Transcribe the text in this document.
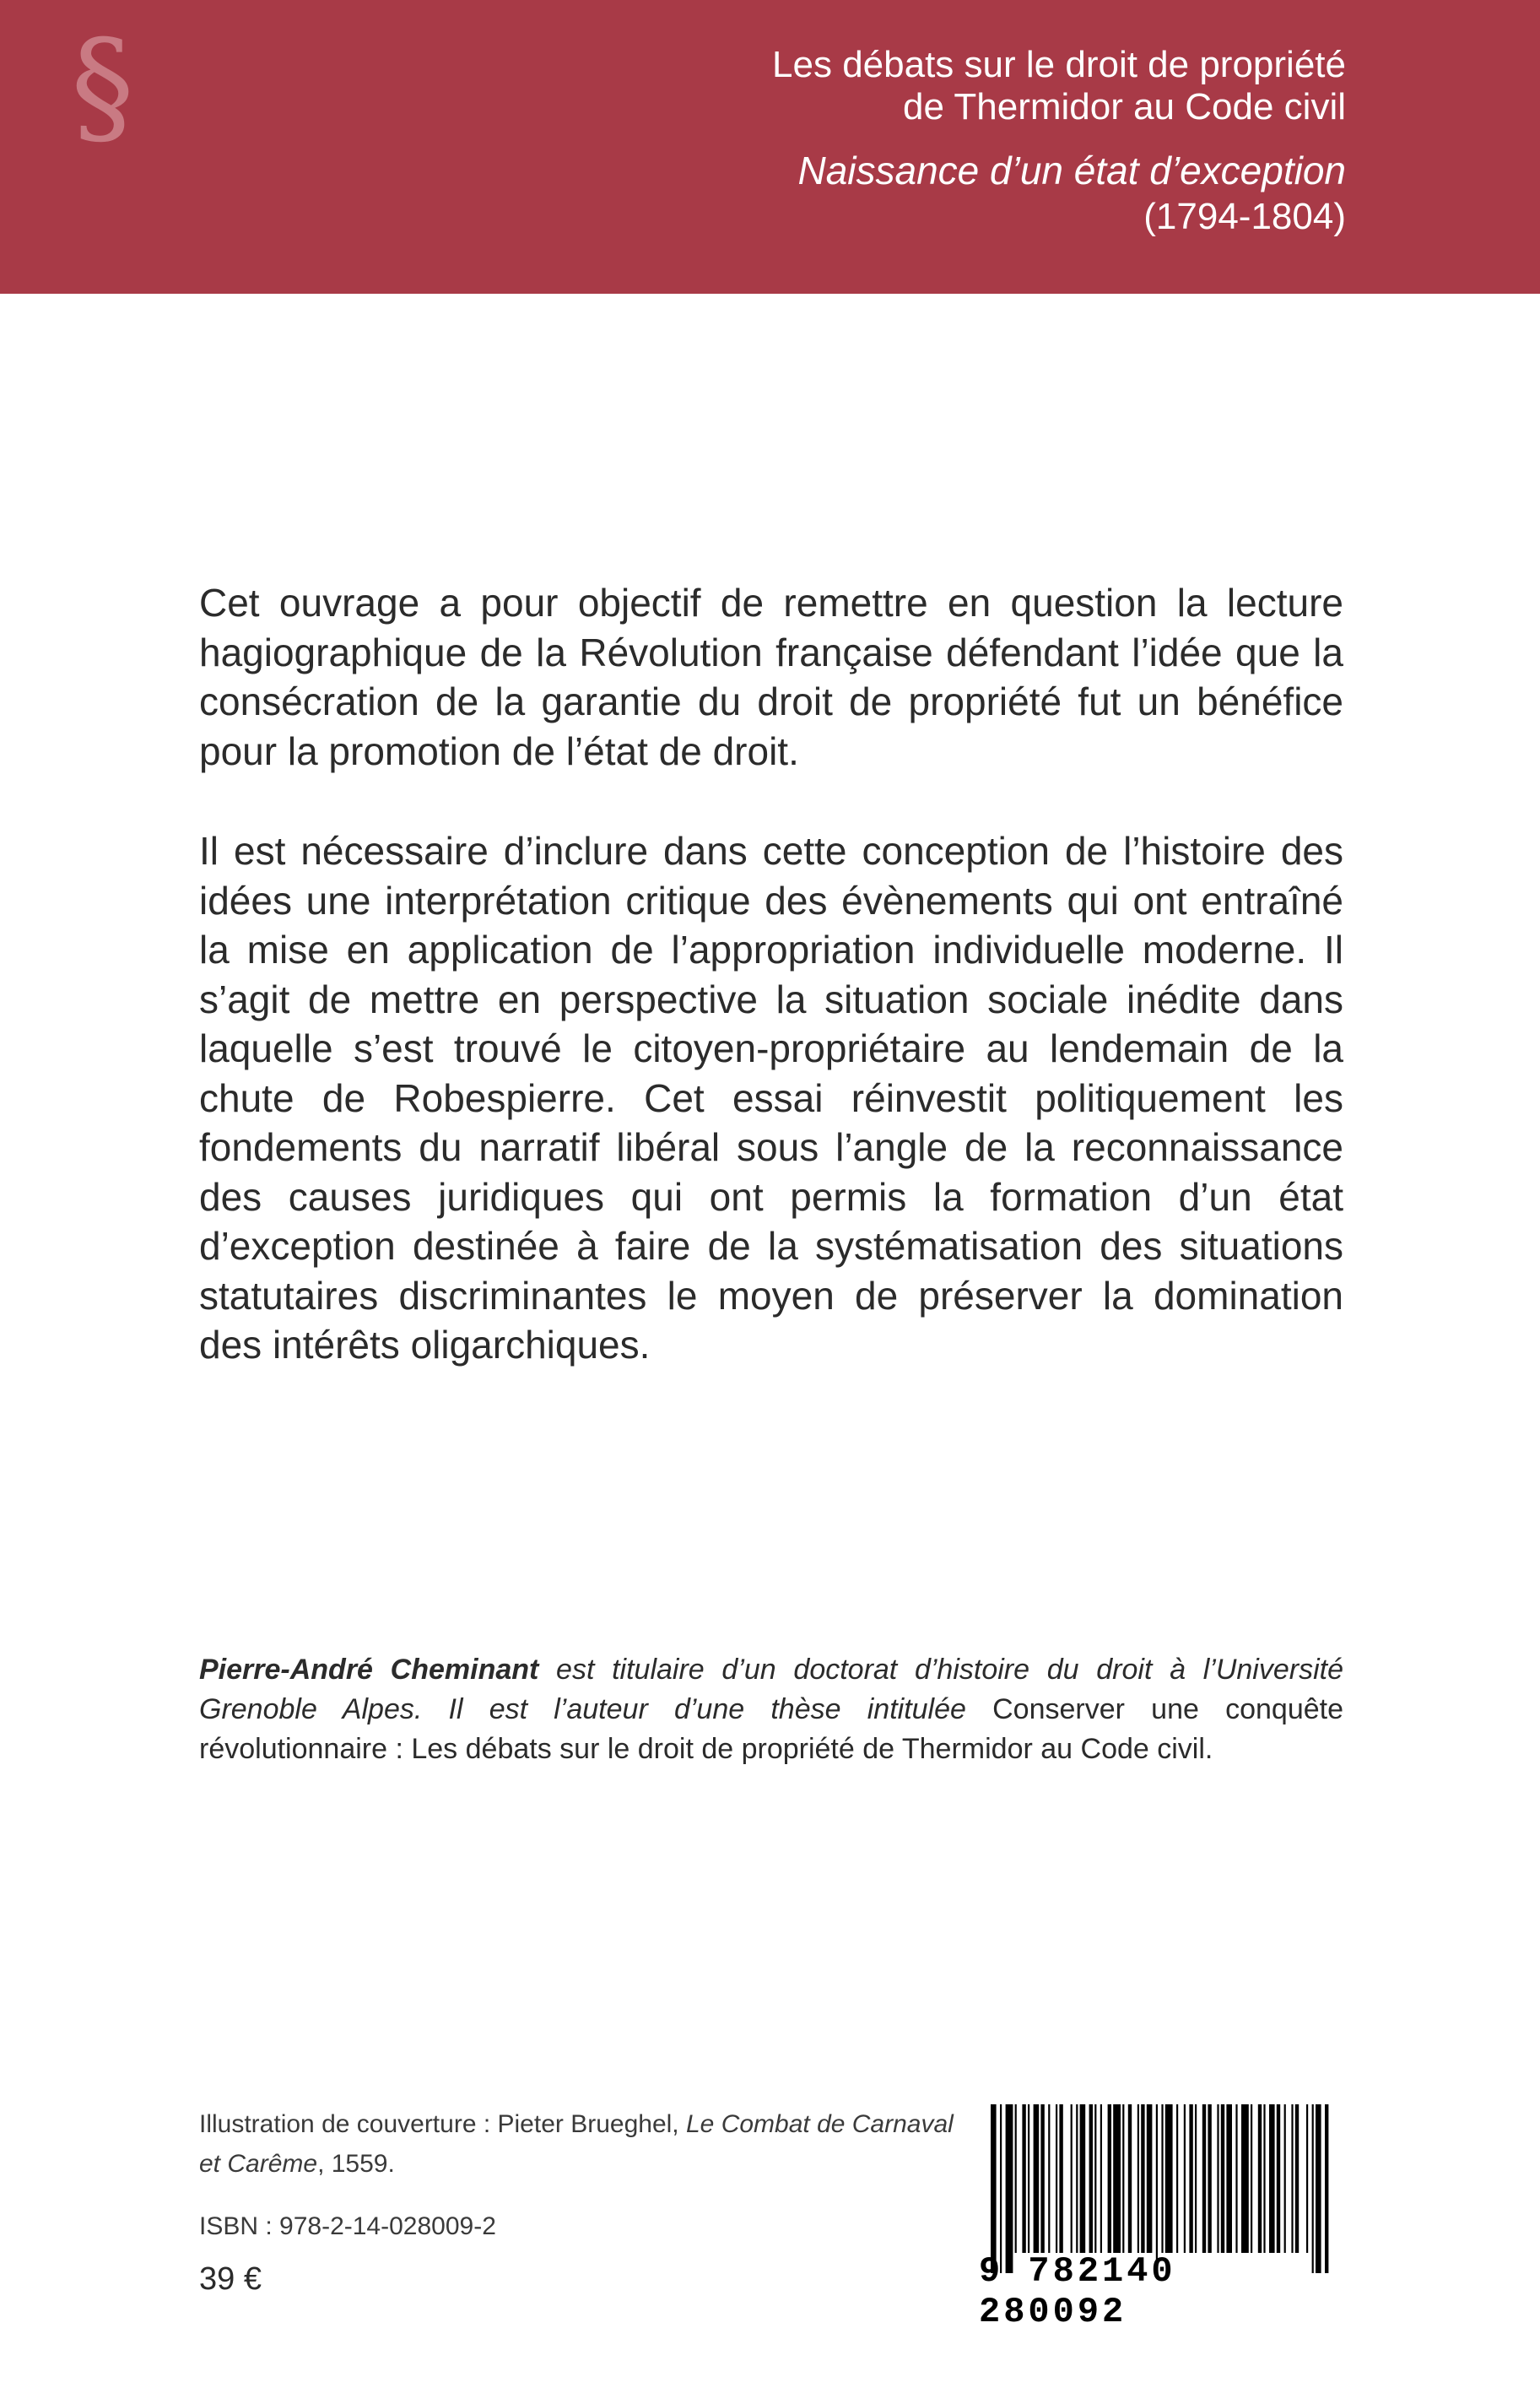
§	Les débats sur le droit de propriété
de Thermidor au Code civil
Naissance d’un état d’exception
(1794-1804)

Cet ouvrage a pour objectif de remettre en question la lecture hagiographique de la Révolution française défendant l’idée que la consécration de la garantie du droit de propriété fut un bénéfice pour la promotion de l’état de droit.

Il est nécessaire d’inclure dans cette conception de l’histoire des idées une interprétation critique des évènements qui ont entraîné la mise en application de l’appropriation individuelle moderne. Il s’agit de mettre en perspective la situation sociale inédite dans laquelle s’est trouvé le citoyen-propriétaire au lendemain de la chute de Robespierre. Cet essai réinvestit politiquement les fondements du narratif libéral sous l’angle de la reconnaissance des causes juridiques qui ont permis la formation d’un état d’exception destinée à faire de la systématisation des situations statutaires discriminantes le moyen de préserver la domination des intérêts oligarchiques.

Pierre-André Cheminant est titulaire d’un doctorat d’histoire du droit à l’Université Grenoble Alpes. Il est l’auteur d’une thèse intitulée Conserver une conquête révolutionnaire : Les débats sur le droit de propriété de Thermidor au Code civil.
Illustration de couverture : Pieter Brueghel, Le Combat de Carnaval et Carême, 1559.
ISBN : 978-2-14-028009-2
39 €	9 782140 280092
